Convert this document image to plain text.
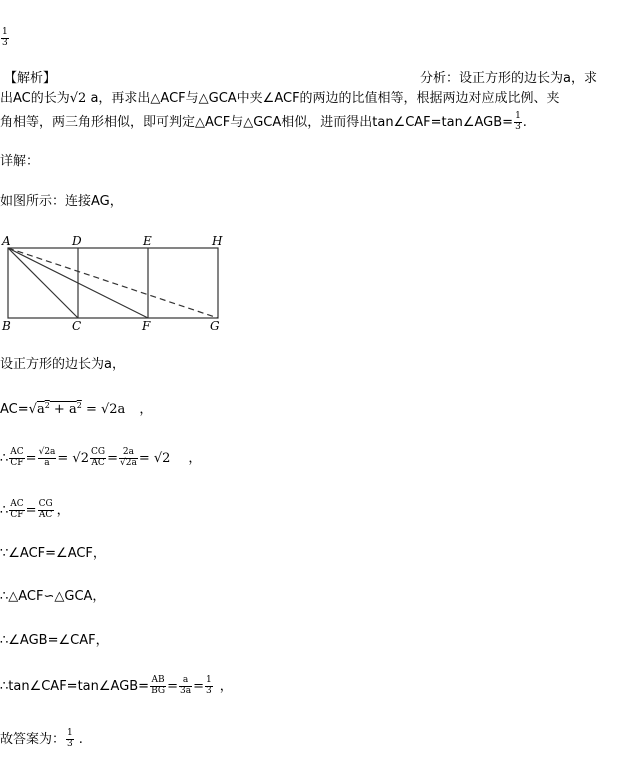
$\frac{1}{3}$
【解析】	分析：设正方形的边长为a，求
出AC的长为√2 a，再求出△ACF与△GCA中夹∠ACF的两边的比值相等，根据两边对应成比例、夹
角相等，两三角形相似，即可判定△ACF与△GCA相似，进而得出tan∠CAF=tan∠AGB= $\frac{1}{3}$ .
详解：
如图所示：连接AG，
A	D	E	H
B	C	F	G
设正方形的边长为a，
$AC=√a^2 + a^2 = √2a$ ，
∴ $\frac{AC}{CF} = \frac{√2a}{a} = √2 \frac{CG}{AC} = \frac{2a}{√2a} = √2$ ，
∴ $\frac{AC}{CF} = \frac{CG}{AC}$ ，
∵∠ACF=∠ACF，
∴△ACF∽△GCA，
∴∠AGB=∠CAF，
∴tan∠CAF=tan∠AGB= $\frac{AB}{BG} = \frac{a}{3a} = \frac{1}{3}$ ，
故答案为： $\frac{1}{3}$ .
